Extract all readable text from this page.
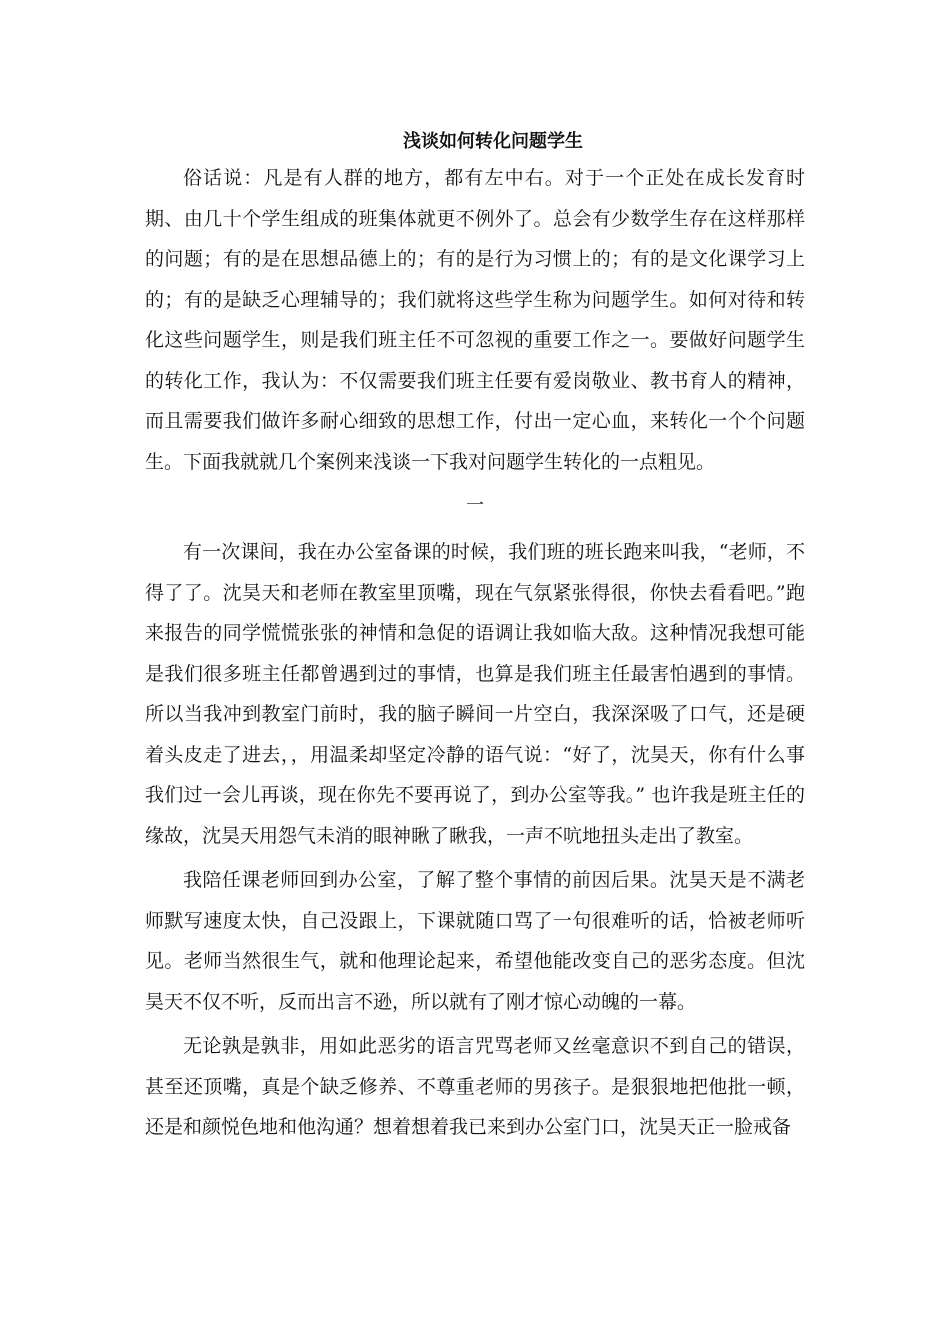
浅谈如何转化问题学生

俗话说：凡是有人群的地方，都有左中右。对于一个正处在成长发育时期、由几十个学生组成的班集体就更不例外了。总会有少数学生存在这样那样的问题；有的是在思想品德上的；有的是行为习惯上的；有的是文化课学习上的；有的是缺乏心理辅导的；我们就将这些学生称为问题学生。如何对待和转化这些问题学生，则是我们班主任不可忽视的重要工作之一。要做好问题学生的转化工作，我认为：不仅需要我们班主任要有爱岗敬业、教书育人的精神，而且需要我们做许多耐心细致的思想工作，付出一定心血，来转化一个个问题生。下面我就就几个案例来浅谈一下我对问题学生转化的一点粗见。

一

有一次课间，我在办公室备课的时候，我们班的班长跑来叫我，“老师，不得了了。沈昊天和老师在教室里顶嘴，现在气氛紧张得很，你快去看看吧。”跑来报告的同学慌慌张张的神情和急促的语调让我如临大敌。这种情况我想可能是我们很多班主任都曾遇到过的事情，也算是我们班主任最害怕遇到的事情。所以当我冲到教室门前时，我的脑子瞬间一片空白，我深深吸了口气，还是硬着头皮走了进去，，用温柔却坚定冷静的语气说：“好了，沈昊天，你有什么事我们过一会儿再谈，现在你先不要再说了，到办公室等我。” 也许我是班主任的缘故，沈昊天用怨气未消的眼神瞅了瞅我，一声不吭地扭头走出了教室。

我陪任课老师回到办公室，了解了整个事情的前因后果。沈昊天是不满老师默写速度太快，自己没跟上，下课就随口骂了一句很难听的话，恰被老师听见。老师当然很生气，就和他理论起来，希望他能改变自己的恶劣态度。但沈昊天不仅不听，反而出言不逊，所以就有了刚才惊心动魄的一幕。

无论孰是孰非，用如此恶劣的语言咒骂老师又丝毫意识不到自己的错误，甚至还顶嘴，真是个缺乏修养、不尊重老师的男孩子。是狠狠地把他批一顿，还是和颜悦色地和他沟通？想着想着我已来到办公室门口，沈昊天正一脸戒备
